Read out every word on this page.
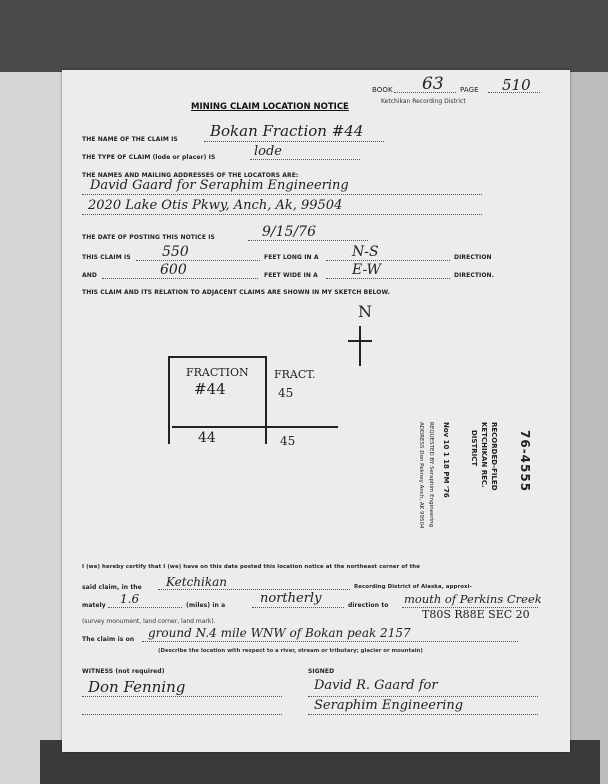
BOOK 63 PAGE 510
Ketchikan Recording District
MINING CLAIM LOCATION NOTICE
THE NAME OF THE CLAIM IS Bokan Fraction #44
THE TYPE OF CLAIM (lode or placer) IS	lode
THE NAMES AND MAILING ADDRESSES OF THE LOCATORS ARE:
David Gaard for Seraphim Engineering
2020 Lake Otis Pkwy, Anch, Ak, 99504
THE DATE OF POSTING THIS NOTICE IS	9/15/76
THIS CLAIM IS 550	FEET LONG IN A N-S	DIRECTION
AND	600	FEET WIDE IN A E-W	DIRECTION.
THIS CLAIM AND ITS RELATION TO ADJACENT CLAIMS ARE SHOWN IN MY SKETCH BELOW.
N
FRACTION
#44
FRACT.
45
44	45	76-4555
RECORDED-FILED
KETCHIKAN REC.
DISTRICT
Nov 10 1 18 PM '76
REQUESTED BY Seraphim Engineering
ADDRESS Don Pekney Anch, AK 99504
I (we) hereby certify that I (we) have on this date posted this location notice at the northeast corner of the
said claim, in the Ketchikan	Recording District of Alaska, approxi-
mately 1.6	(miles) in a	northerly	direction to mouth of Perkins Creek
(survey monument, land corner, land mark).
T80S R88E SEC 20
The claim is on ground N.4 mile WNW of Bokan peak 2157
(Describe the location with respect to a river, stream or tributary; glacier or mountain)
WITNESS (not required)
Don Fenning
SIGNED
David R. Gaard for
Seraphim Engineering
